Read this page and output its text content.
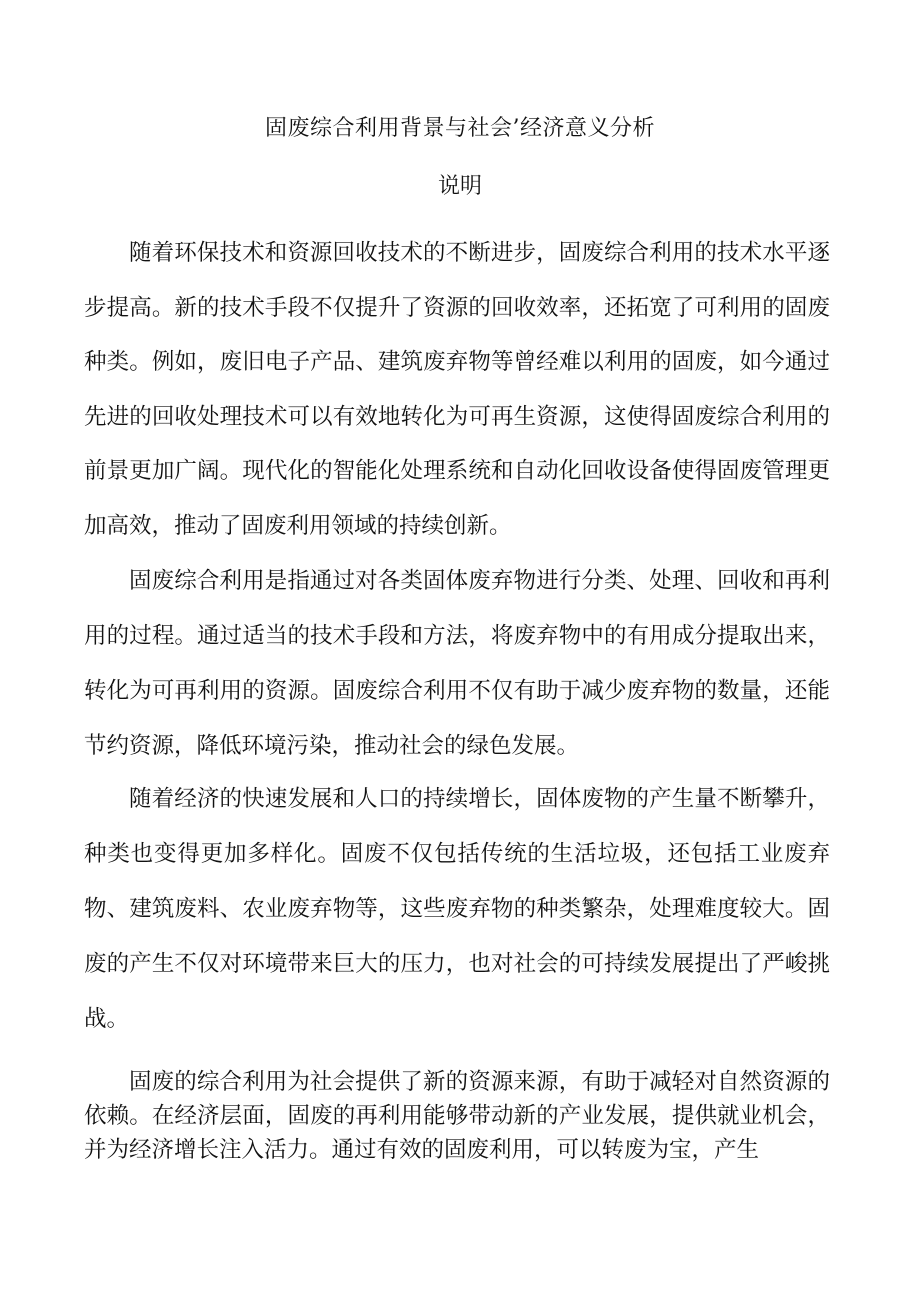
固废综合利用背景与社会’经济意义分析
说明

随着环保技术和资源回收技术的不断进步，固废综合利用的技术水平逐步提高。新的技术手段不仅提升了资源的回收效率，还拓宽了可利用的固废种类。例如，废旧电子产品、建筑废弃物等曾经难以利用的固废，如今通过先进的回收处理技术可以有效地转化为可再生资源，这使得固废综合利用的前景更加广阔。现代化的智能化处理系统和自动化回收设备使得固废管理更加高效，推动了固废利用领域的持续创新。

固废综合利用是指通过对各类固体废弃物进行分类、处理、回收和再利用的过程。通过适当的技术手段和方法，将废弃物中的有用成分提取出来，转化为可再利用的资源。固废综合利用不仅有助于减少废弃物的数量，还能节约资源，降低环境污染，推动社会的绿色发展。

随着经济的快速发展和人口的持续增长，固体废物的产生量不断攀升，种类也变得更加多样化。固废不仅包括传统的生活垃圾，还包括工业废弃物、建筑废料、农业废弃物等，这些废弃物的种类繁杂，处理难度较大。固废的产生不仅对环境带来巨大的压力，也对社会的可持续发展提出了严峻挑战。

固废的综合利用为社会提供了新的资源来源，有助于减轻对自然资源的依赖。在经济层面，固废的再利用能够带动新的产业发展，提供就业机会，并为经济增长注入活力。通过有效的固废利用，可以转废为宝，产生
